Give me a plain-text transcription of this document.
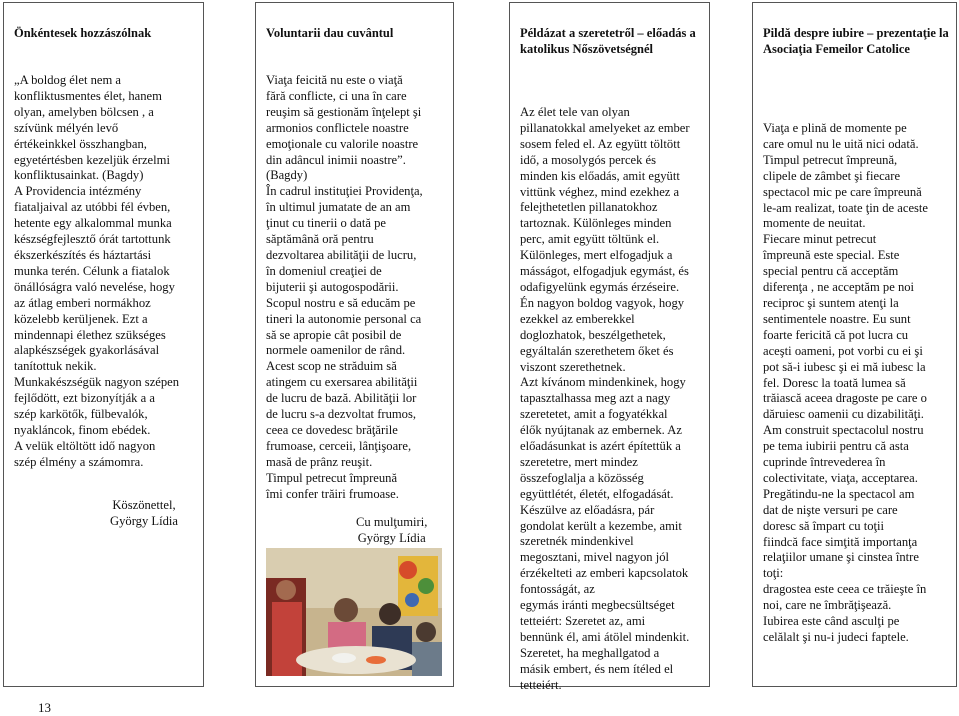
Önkéntesek hozzászólnak
„A boldog élet nem a
konfliktusmentes élet, hanem
olyan, amelyben bölcsen , a
szívünk mélyén levő
értékeinkkel összhangban,
egyetértésben kezeljük érzelmi
konfliktusainkat. (Bagdy)
A Providencia intézmény
fiataljaival az utóbbi fél évben,
hetente egy alkalommal munka
készségfejlesztő órát tartottunk
ékszerkészítés és háztartási
munka terén. Célunk a fiatalok
önállóságra való nevelése, hogy
az átlag emberi normákhoz
közelebb kerüljenek. Ezt a
mindennapi élethez szükséges
alapkészségek gyakorlásával
tanítottuk nekik.
Munkakészségük nagyon szépen
fejlődött, ezt bizonyítják a a
szép karkötők, fülbevalók,
nyakláncok, finom ebédek.
A velük eltöltött idő nagyon
szép élmény a számomra.
Köszönettel,
György Lídia
Voluntarii dau cuvântul
Viaţa feicită nu este o viaţă
fără conflicte, ci una în care
reuşim să gestionăm înţelept şi
armonios conflictele noastre
emoţionale cu valorile noastre
din adâncul inimii noastre”.
(Bagdy)
În cadrul instituţiei Providenţa,
în ultimul jumatate de an am
ţinut cu tinerii o dată pe
săptămână oră pentru
dezvoltarea abilităţii de lucru,
în domeniul creaţiei de
bijuterii şi autogospodării.
Scopul nostru e să educăm pe
tineri la autonomie personal ca
să se apropie cât posibil de
normele oamenilor de rând.
Acest scop ne străduim să
atingem cu exersarea abilităţii
de lucru de bază. Abilităţii lor
de lucru s-a dezvoltat frumos,
ceea ce dovedesc brăţările
frumoase, cerceii, lânţişoare,
masă de prânz reuşit.
Timpul petrecut împreună
îmi confer trăiri frumoase.
Cu mulţumiri,
György Lídia
Példázat a szeretetről – előadás a katolikus Nőszövetségnél
Az élet tele van olyan
pillanatokkal amelyeket az ember
sosem feled el. Az együtt töltött
idő, a mosolygós percek és
minden kis előadás, amit együtt
vittünk véghez, mind ezekhez a
felejthetetlen pillanatokhoz
tartoznak. Különleges minden
perc, amit együtt töltünk el.
Különleges, mert elfogadjuk a
másságot, elfogadjuk egymást, és
odafigyelünk egymás érzéseire.
Én nagyon boldog vagyok, hogy
ezekkel az emberekkel
doglozhatok, beszélgethetek,
egyáltalán szerethetem őket és
viszont szerethetnek.
Azt kívánom mindenkinek, hogy
tapasztalhassa meg azt a nagy
szeretetet, amit a fogyatékkal
élők nyújtanak az embernek. Az
előadásunkat is azért építettük a
szeretetre, mert mindez
összefoglalja a közösség
együttlétét, életét, elfogadását.
Készülve az előadásra, pár
gondolat került a kezembe, amit
szeretnék mindenkivel
megosztani, mivel nagyon jól
érzékelteti az emberi kapcsolatok
fontosságát, az
egymás iránti megbecsültséget
tetteiért: Szeretet az, ami
bennünk él, ami átölel mindenkit.
Szeretet, ha meghallgatod a
másik embert, és nem ítéled el
tetteiért.
Pildă despre iubire – prezentaţie la Asociaţia Femeilor Catolice
Viaţa e plină de momente pe
care omul nu le uită nici odată.
Timpul petrecut împreună,
clipele de zâmbet şi fiecare
spectacol mic pe care împreună
le-am realizat, toate ţin de aceste
momente de neuitat.
Fiecare minut petrecut
împreună este special. Este
special pentru că acceptăm
diferenţa , ne acceptăm pe noi
reciproc şi suntem atenţi la
sentimentele noastre. Eu sunt
foarte fericită că pot lucra cu
aceşti oameni, pot vorbi cu ei şi
pot să-i iubesc şi ei mă iubesc la
fel. Doresc la toată lumea să
trăiască aceea dragoste pe care o
dăruiesc oamenii cu dizabilităţi.
Am construit spectacolul nostru
pe tema iubirii pentru că asta
cuprinde întrevederea în
colectivitate, viaţa, acceptarea.
Pregătindu-ne la spectacol am
dat de nişte versuri pe care
doresc să împart cu toţii
fiindcă face simţită importanţa
relaţiilor umane şi cinstea între
toţi:
dragostea este ceea ce trăieşte în
noi, care ne îmbrăţişează.
Iubirea este când asculţi pe
celălalt şi nu-i judeci faptele.
13
